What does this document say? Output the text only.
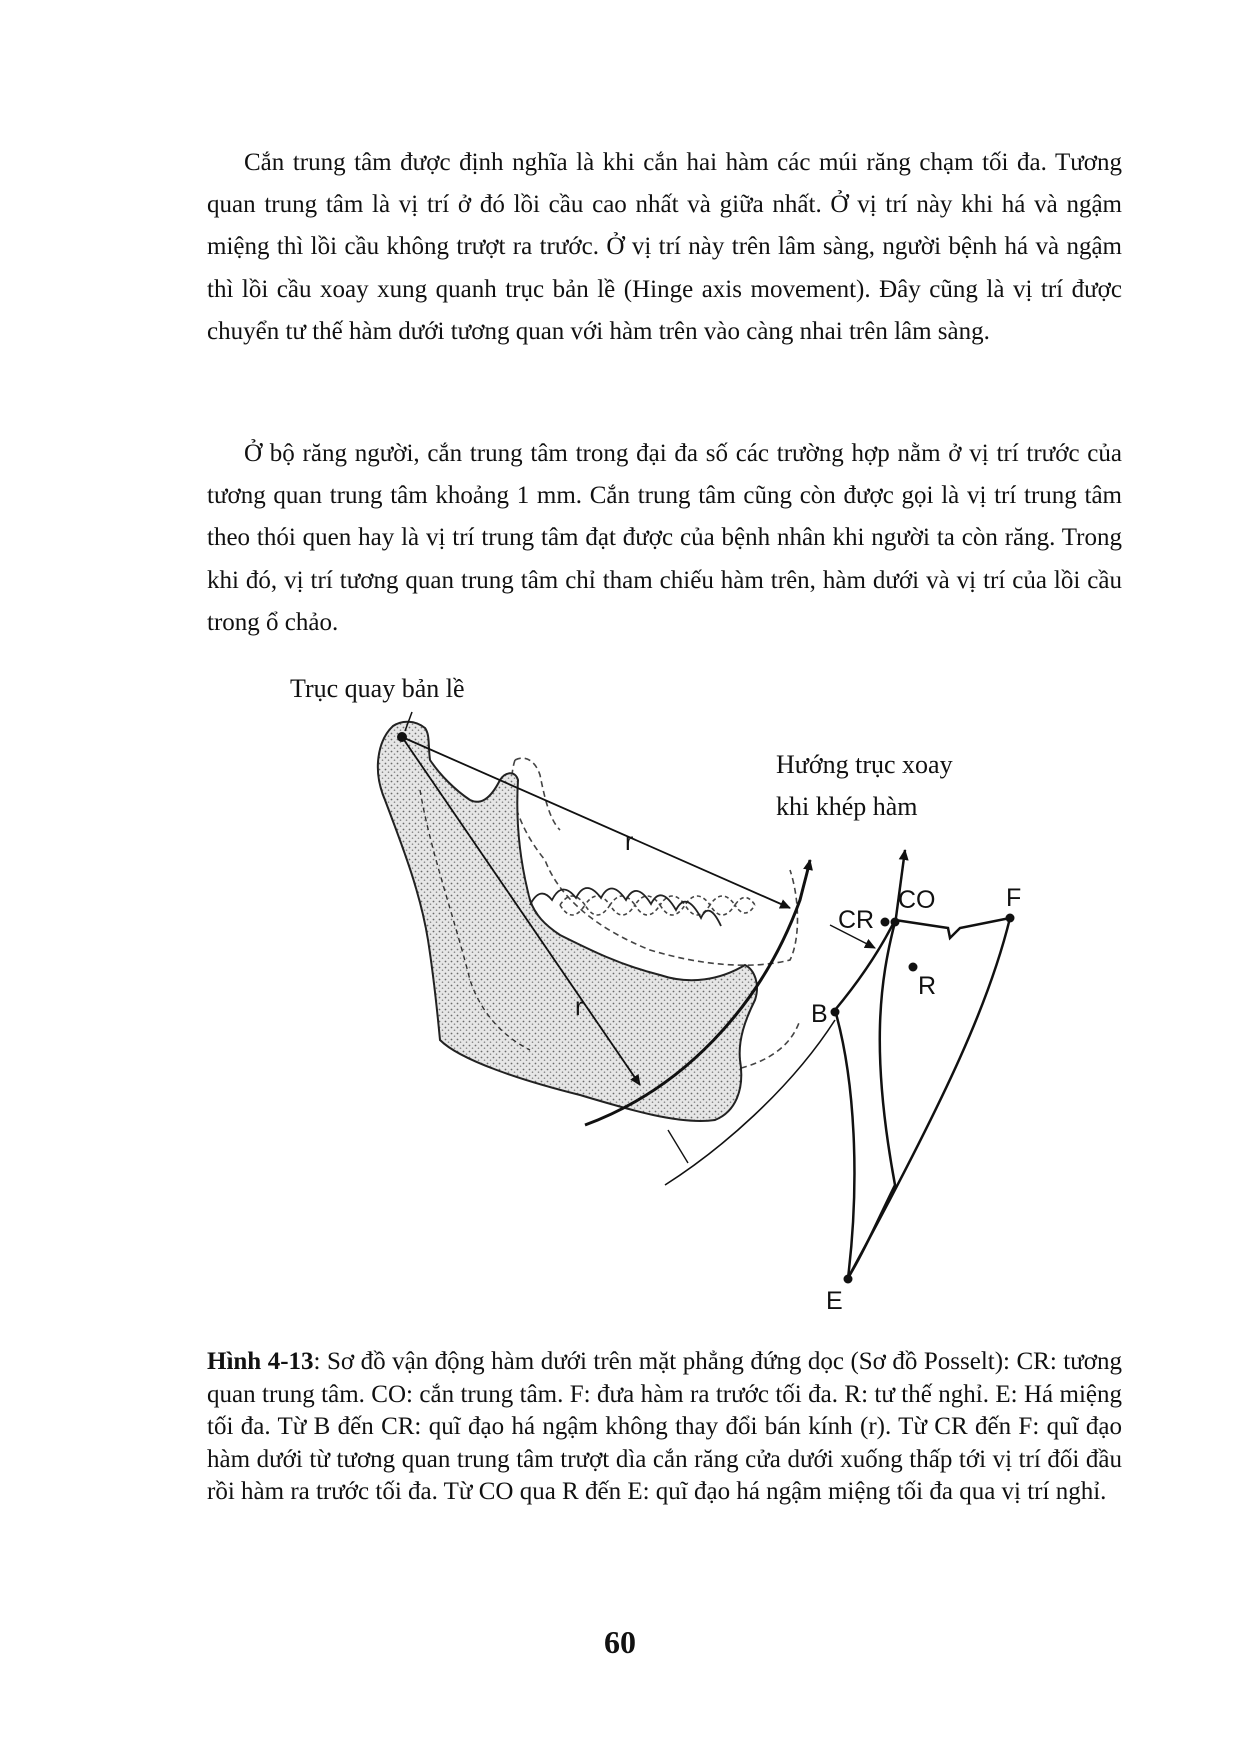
Cắn trung tâm được định nghĩa là khi cắn hai hàm các múi răng chạm tối đa. Tương quan trung tâm là vị trí ở đó lồi cầu cao nhất và giữa nhất. Ở vị trí này khi há và ngậm miệng thì lồi cầu không trượt ra trước. Ở vị trí này trên lâm sàng, người bệnh há và ngậm thì lồi cầu xoay xung quanh trục bản lề (Hinge axis movement). Đây cũng là vị trí được chuyển tư thế hàm dưới tương quan với hàm trên vào càng nhai trên lâm sàng.

Ở bộ răng người, cắn trung tâm trong đại đa số các trường hợp nằm ở vị trí trước của tương quan trung tâm khoảng 1 mm. Cắn trung tâm cũng còn được gọi là vị trí trung tâm theo thói quen hay là vị trí trung tâm đạt được của bệnh nhân khi người ta còn răng. Trong khi đó, vị trí tương quan trung tâm chỉ tham chiếu hàm trên, hàm dưới và vị trí của lồi cầu trong ổ chảo.

Trục quay bản lề
Hướng trục xoay
khi khép hàm
r
r
CR
CO	F
R
B
E

Hình 4-13: Sơ đồ vận động hàm dưới trên mặt phẳng đứng dọc (Sơ đồ Posselt): CR: tương quan trung tâm. CO: cắn trung tâm. F: đưa hàm ra trước tối đa. R: tư thế nghỉ. E: Há miệng tối đa. Từ B đến CR: quĩ đạo há ngậm không thay đổi bán kính (r). Từ CR đến F: quĩ đạo hàm dưới từ tương quan trung tâm trượt dìa cắn răng cửa dưới xuống thấp tới vị trí đối đầu rồi hàm ra trước tối đa. Từ CO qua R đến E: quĩ đạo há ngậm miệng tối đa qua vị trí nghỉ.

60
